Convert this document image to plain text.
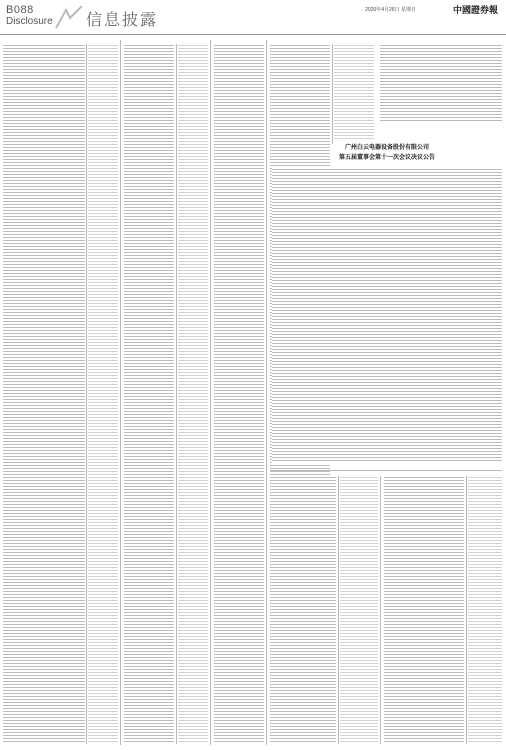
B088
Disclosure 信息披露	2020年4月26日 星期日	中國證券報
广州白云电器设备股份有限公司
第五届董事会第十一次会议决议公告
